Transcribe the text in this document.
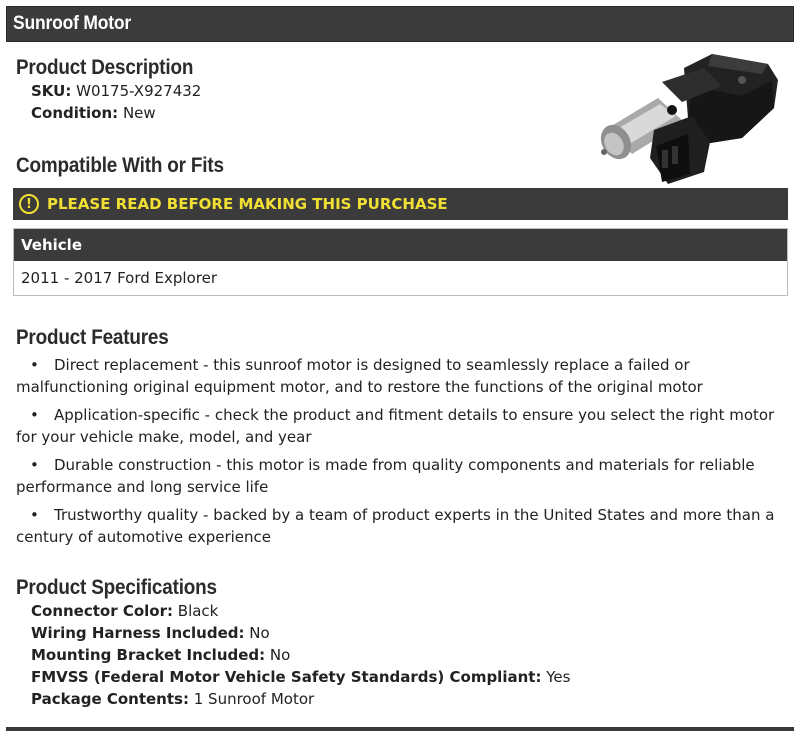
Sunroof Motor
Product Description
SKU: W0175-X927432
Condition: New
Compatible With or Fits
!	PLEASE READ BEFORE MAKING THIS PURCHASE
Vehicle
2011 - 2017 Ford Explorer
Product Features
• Direct replacement - this sunroof motor is designed to seamlessly replace a failed or malfunctioning original equipment motor, and to restore the functions of the original motor
• Application-specific - check the product and fitment details to ensure you select the right motor for your vehicle make, model, and year
• Durable construction - this motor is made from quality components and materials for reliable performance and long service life
• Trustworthy quality - backed by a team of product experts in the United States and more than a century of automotive experience
Product Specifications
Connector Color: Black
Wiring Harness Included: No
Mounting Bracket Included: No
FMVSS (Federal Motor Vehicle Safety Standards) Compliant: Yes
Package Contents: 1 Sunroof Motor
